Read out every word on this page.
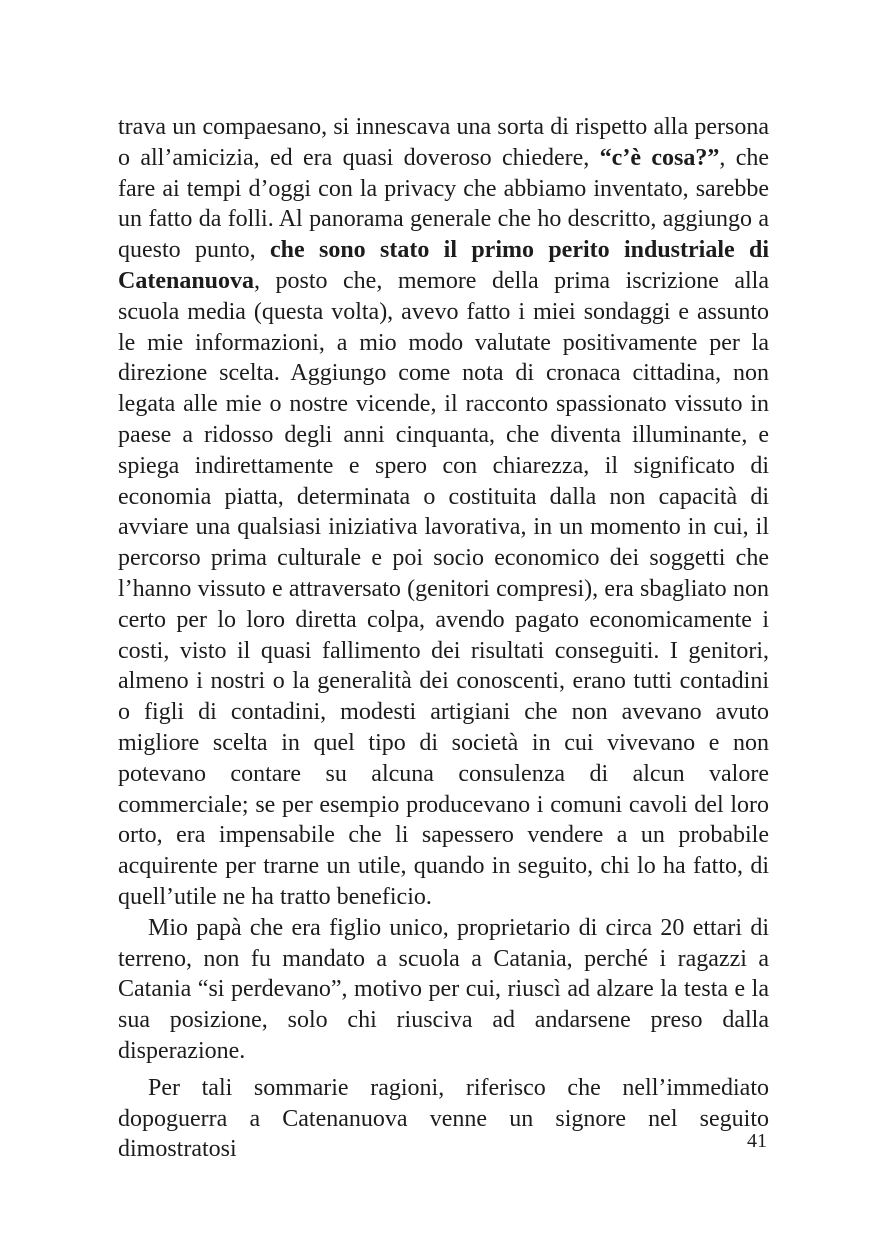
trava un compaesano, si innescava una sorta di rispetto alla persona o all’amicizia, ed era quasi doveroso chiedere, “c’è cosa?”, che fare ai tempi d’oggi con la privacy che abbiamo inventato, sarebbe un fatto da folli. Al panorama generale che ho descritto, aggiungo a questo punto, che sono stato il primo perito industriale di Catenanuova, posto che, memore della prima iscrizione alla scuola media (questa volta), avevo fatto i miei sondaggi e assunto le mie informazioni, a mio modo valutate positivamente per la direzione scelta. Aggiungo come nota di cronaca cittadina, non legata alle mie o nostre vicende, il racconto spassionato vissuto in paese a ridosso degli anni cinquanta, che diventa illuminante, e spiega indirettamente e spero con chiarezza, il significato di economia piatta, determinata o costituita dalla non capacità di avviare una qualsiasi iniziativa lavorativa, in un momento in cui, il percorso prima culturale e poi socio economico dei soggetti che l’hanno vissuto e attraversato (genitori compresi), era sbagliato non certo per lo loro diretta colpa, avendo pagato economicamente i costi, visto il quasi fallimento dei risultati conseguiti. I genitori, almeno i nostri o la generalità dei conoscenti, erano tutti contadini o figli di contadini, modesti artigiani che non avevano avuto migliore scelta in quel tipo di società in cui vivevano e non potevano contare su alcuna consulenza di alcun valore commerciale; se per esempio producevano i comuni cavoli del loro orto, era impensabile che li sapessero vendere a un probabile acquirente per trarne un utile, quando in seguito, chi lo ha fatto, di quell’utile ne ha tratto beneficio.

Mio papà che era figlio unico, proprietario di circa 20 ettari di terreno, non fu mandato a scuola a Catania, perché i ragazzi a Catania “si perdevano”, motivo per cui, riuscì ad alzare la testa e la sua posizione, solo chi riusciva ad andarsene preso dalla disperazione.

Per tali sommarie ragioni, riferisco che nell’immediato dopoguerra a Catenanuova venne un signore nel seguito dimostratosi	41
